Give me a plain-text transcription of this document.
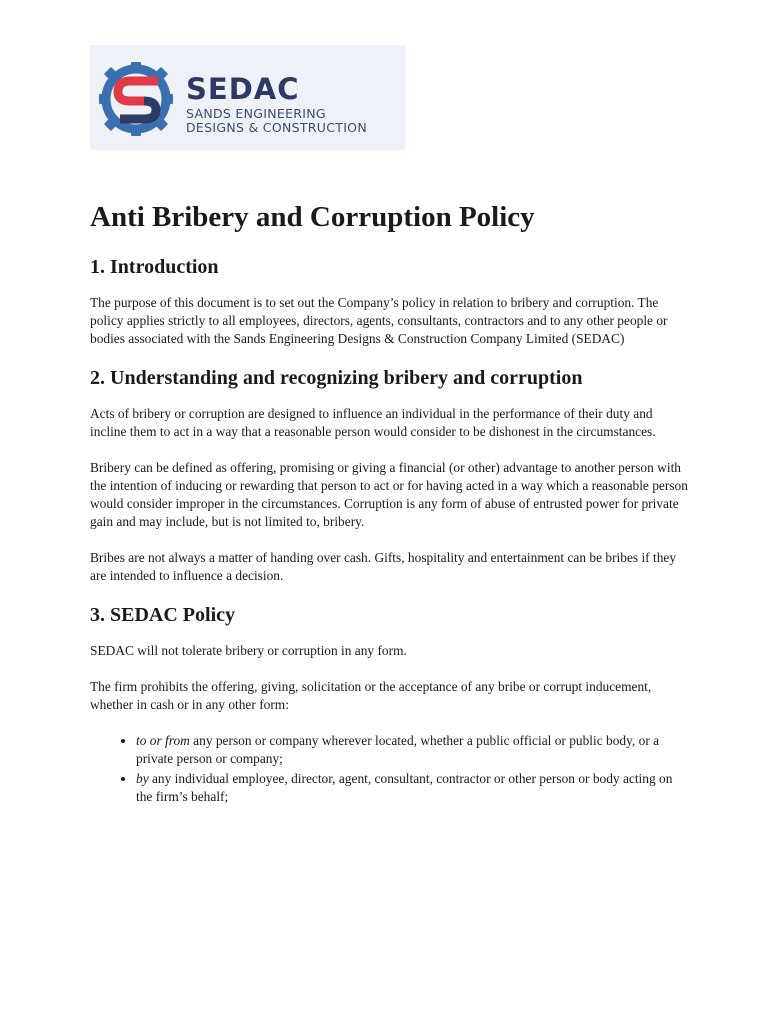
SEDAC
SANDS ENGINEERING
DESIGNS & CONSTRUCTION
Anti Bribery and Corruption Policy
1. Introduction

The purpose of this document is to set out the Company’s policy in relation to bribery and corruption. The policy applies strictly to all employees, directors, agents, consultants, contractors and to any other people or bodies associated with the Sands Engineering Designs & Construction Company Limited (SEDAC)

2. Understanding and recognizing bribery and corruption

Acts of bribery or corruption are designed to influence an individual in the performance of their duty and incline them to act in a way that a reasonable person would consider to be dishonest in the circumstances.

Bribery can be defined as offering, promising or giving a financial (or other) advantage to another person with the intention of inducing or rewarding that person to act or for having acted in a way which a reasonable person would consider improper in the circumstances. Corruption is any form of abuse of entrusted power for private gain and may include, but is not limited to, bribery.

Bribes are not always a matter of handing over cash. Gifts, hospitality and entertainment can be bribes if they are intended to influence a decision.

3. SEDAC Policy

SEDAC will not tolerate bribery or corruption in any form.

The firm prohibits the offering, giving, solicitation or the acceptance of any bribe or corrupt inducement, whether in cash or in any other form:

• to or from any person or company wherever located, whether a public official or public body, or a private person or company;
• by any individual employee, director, agent, consultant, contractor or other person or body acting on the firm’s behalf;
